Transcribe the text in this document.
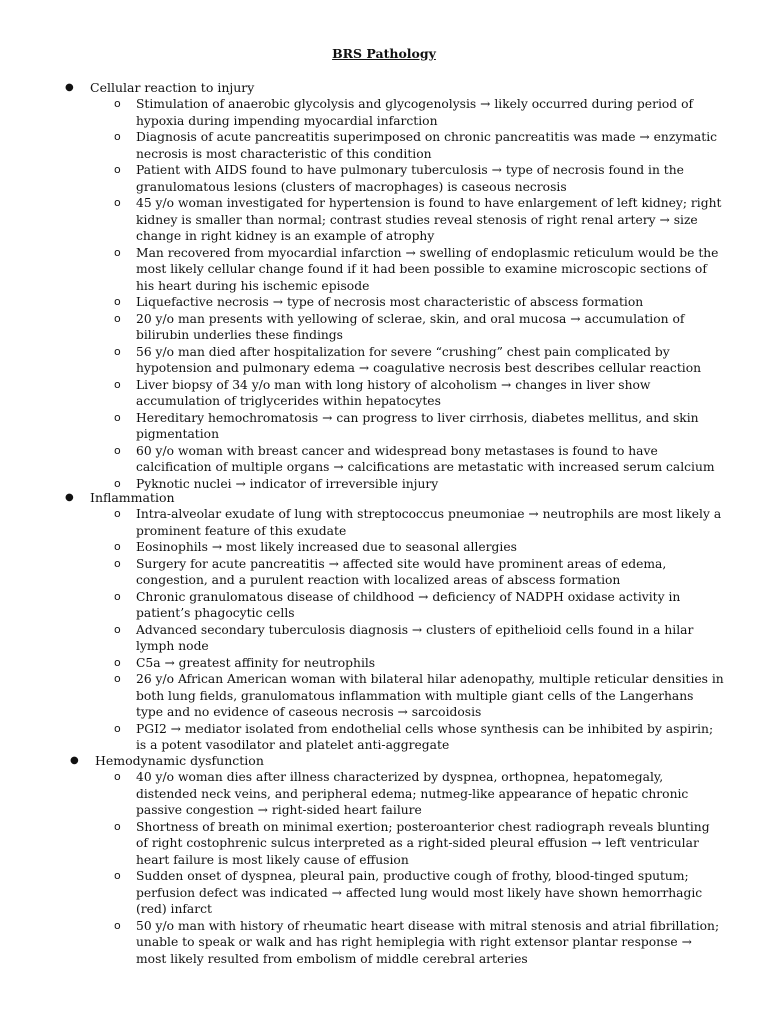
BRS Pathology
● Cellular reaction to injury
o Stimulation of anaerobic glycolysis and glycogenolysis → likely occurred during period of hypoxia during impending myocardial infarction
o Diagnosis of acute pancreatitis superimposed on chronic pancreatitis was made → enzymatic necrosis is most characteristic of this condition
o Patient with AIDS found to have pulmonary tuberculosis → type of necrosis found in the granulomatous lesions (clusters of macrophages) is caseous necrosis
o 45 y/o woman investigated for hypertension is found to have enlargement of left kidney; right kidney is smaller than normal; contrast studies reveal stenosis of right renal artery → size change in right kidney is an example of atrophy
o Man recovered from myocardial infarction → swelling of endoplasmic reticulum would be the most likely cellular change found if it had been possible to examine microscopic sections of his heart during his ischemic episode
o Liquefactive necrosis → type of necrosis most characteristic of abscess formation
o 20 y/o man presents with yellowing of sclerae, skin, and oral mucosa → accumulation of bilirubin underlies these findings
o 56 y/o man died after hospitalization for severe “crushing” chest pain complicated by hypotension and pulmonary edema → coagulative necrosis best describes cellular reaction
o Liver biopsy of 34 y/o man with long history of alcoholism → changes in liver show accumulation of triglycerides within hepatocytes
o Hereditary hemochromatosis → can progress to liver cirrhosis, diabetes mellitus, and skin pigmentation
o 60 y/o woman with breast cancer and widespread bony metastases is found to have calcification of multiple organs → calcifications are metastatic with increased serum calcium
o Pyknotic nuclei → indicator of irreversible injury
● Inflammation
o Intra-alveolar exudate of lung with streptococcus pneumoniae → neutrophils are most likely a prominent feature of this exudate
o Eosinophils → most likely increased due to seasonal allergies
o Surgery for acute pancreatitis → affected site would have prominent areas of edema, congestion, and a purulent reaction with localized areas of abscess formation
o Chronic granulomatous disease of childhood → deficiency of NADPH oxidase activity in patient’s phagocytic cells
o Advanced secondary tuberculosis diagnosis → clusters of epithelioid cells found in a hilar lymph node
o C5a → greatest affinity for neutrophils
o 26 y/o African American woman with bilateral hilar adenopathy, multiple reticular densities in both lung fields, granulomatous inflammation with multiple giant cells of the Langerhans type and no evidence of caseous necrosis → sarcoidosis
o PGI2 → mediator isolated from endothelial cells whose synthesis can be inhibited by aspirin; is a potent vasodilator and platelet anti-aggregate
● Hemodynamic dysfunction
o 40 y/o woman dies after illness characterized by dyspnea, orthopnea, hepatomegaly, distended neck veins, and peripheral edema; nutmeg-like appearance of hepatic chronic passive congestion → right-sided heart failure
o Shortness of breath on minimal exertion; posteroanterior chest radiograph reveals blunting of right costophrenic sulcus interpreted as a right-sided pleural effusion → left ventricular heart failure is most likely cause of effusion
o Sudden onset of dyspnea, pleural pain, productive cough of frothy, blood-tinged sputum; perfusion defect was indicated → affected lung would most likely have shown hemorrhagic (red) infarct
o 50 y/o man with history of rheumatic heart disease with mitral stenosis and atrial fibrillation; unable to speak or walk and has right hemiplegia with right extensor plantar response → most likely resulted from embolism of middle cerebral arteries
